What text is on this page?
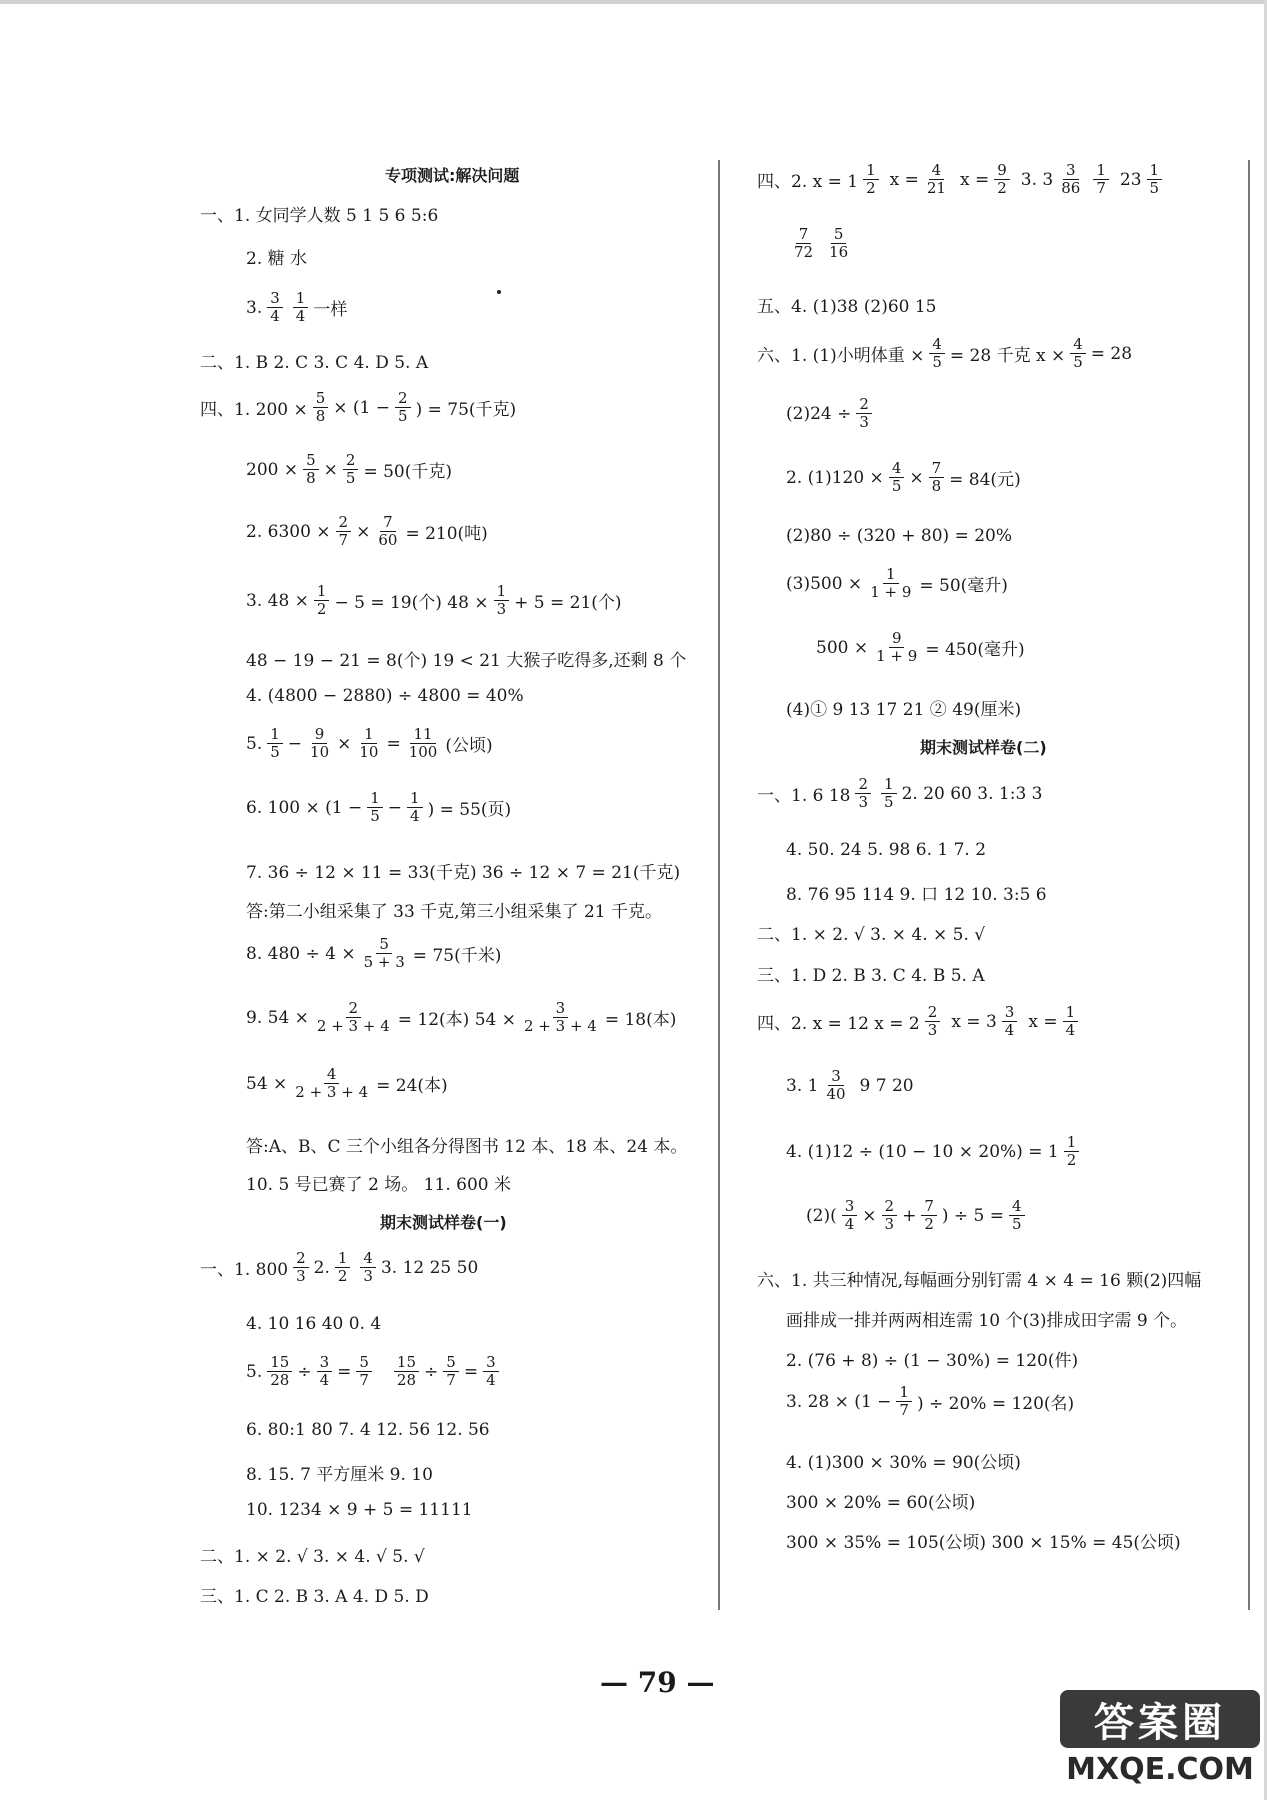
专项测试:解决问题
一、1. 女同学人数 5 1 5 6 5:6
2. 糖 水
3. 3
4
1
4 一样
二、1. B 2. C 3. C 4. D 5. A
四、1. $200 \times \frac{5}{8} \times (1 - \frac{2}{5}$ ) = 75(千克)
$200 \times \frac{5}{8} \times \frac{2}{5} = 50$(千克)
2. $6300 \times \frac{2}{7} \times \frac{7}{60} = 210$(吨)
3. $48 \times \frac{1}{2} - 5 = 19$(个) $48 \times \frac{1}{3} + 5 = 21$(个)
48 − 19 − 21 = 8(个) 19 < 21 大猴子吃得多,还剩 8 个
4. (4800 − 2880) ÷ 4800 = 40%
5. 1
$5 - \frac{9}{10} \times \frac{1}{10} = \frac{11}{100}$ (公顷)
6. $100 \times (1 - \frac{1}{5} - \frac{1}{4}$ ) = 55(页)
7. 36 ÷ 12 × 11 = 33(千克) 36 ÷ 12 × 7 = 21(千克)
答:第二小组采集了 33 千克,第三小组采集了 21 千克。
8. $480 \div 4 \times \frac{5}{5 + 3} = 75$(千米)
9. $54 \times \frac{2}{2 + 3 + 4} = 12$(本) $54 \times \frac{3}{2 + 3 + 4} = 18$(本)
$54 \times \frac{4}{2 + 3 + 4} = 24$(本)
答:A、B、C 三个小组各分得图书 12 本、18 本、24 本。
10. 5 号已赛了 2 场。 11. 600 米
期末测试样卷(一)
一、1. 800
2
3 2. 1
2
4
3 3. 12 25 50
4. 10 16 40 0. 4
5. $\frac{15}{28} \div \frac{3}{4} = \frac{5}{7} \frac{15}{28} \div \frac{5}{7} = \frac{3}{4}$
6. 80:1 80 7. 4 12. 56 12. 56
8. 15. 7 平方厘米 9. 10
10. 1234 × 9 + 5 = 11111
二、1. × 2. √ 3. × 4. √ 5. √
三、1. C 2. B 3. A 4. D 5. D
四、2. x = 1
1
2 $x = \frac{4}{21}$ $x = \frac{9}{2} 3$. 3 3
86
1
7 23 1
5
7
72
5
16
五、4. (1)38 (2)60 15
六、1. (1)小明体重 × $\frac{4}{5} = 28$ 千克 $x \times \frac{4}{5} = 28$
$(2)24 \div \frac{2}{3}$
2. $(1)120 \times \frac{4}{5} \times \frac{7}{8} = 84$(元)
(2)80 ÷ (320 + 80) = 20%
$(3)500 \times \frac{1}{1 + 9} = 50$(毫升)
$500 \times \frac{9}{1 + 9} = 450$(毫升)
(4)① 9 13 17 21 ② 49(厘米)
期末测试样卷(二)
一、1. 6 18
2
3
1
5 2. 20 60 3. 1:3 3
4. 50. 24 5. 98 6. 1 7. 2
8. 76 95 114 9. 口 12 10. 3:5 6
二、1. × 2. √ 3. × 4. × 5. √
三、1. D 2. B 3. C 4. B 5. A
四、2. x = 12 x = 2
2
3 x = 3 3
4 $x = \frac{1}{4}$
3. 1 3
40 9 7 20
4. (1)12 ÷ (10 − 10 × 20%) = 1 1
2
$(2)( \frac{3}{4} \times \frac{2}{3} + \frac{7}{2}$ ) ÷ $5 = \frac{4}{5}$
六、1. 共三种情况,每幅画分别钉需 4 × 4 = 16 颗(2)四幅
画排成一排并两两相连需 10 个(3)排成田字需 9 个。
2. (76 + 8) ÷ (1 − 30%) = 120(件)
3. $28 \times (1 - \frac{1}{7}$ ) ÷ 20% = 120(名)
4. (1)300 × 30% = 90(公顷)
300 × 20% = 60(公顷)
300 × 35% = 105(公顷) 300 × 15% = 45(公顷)
— 79 —
答案圈
MXQE.COM
